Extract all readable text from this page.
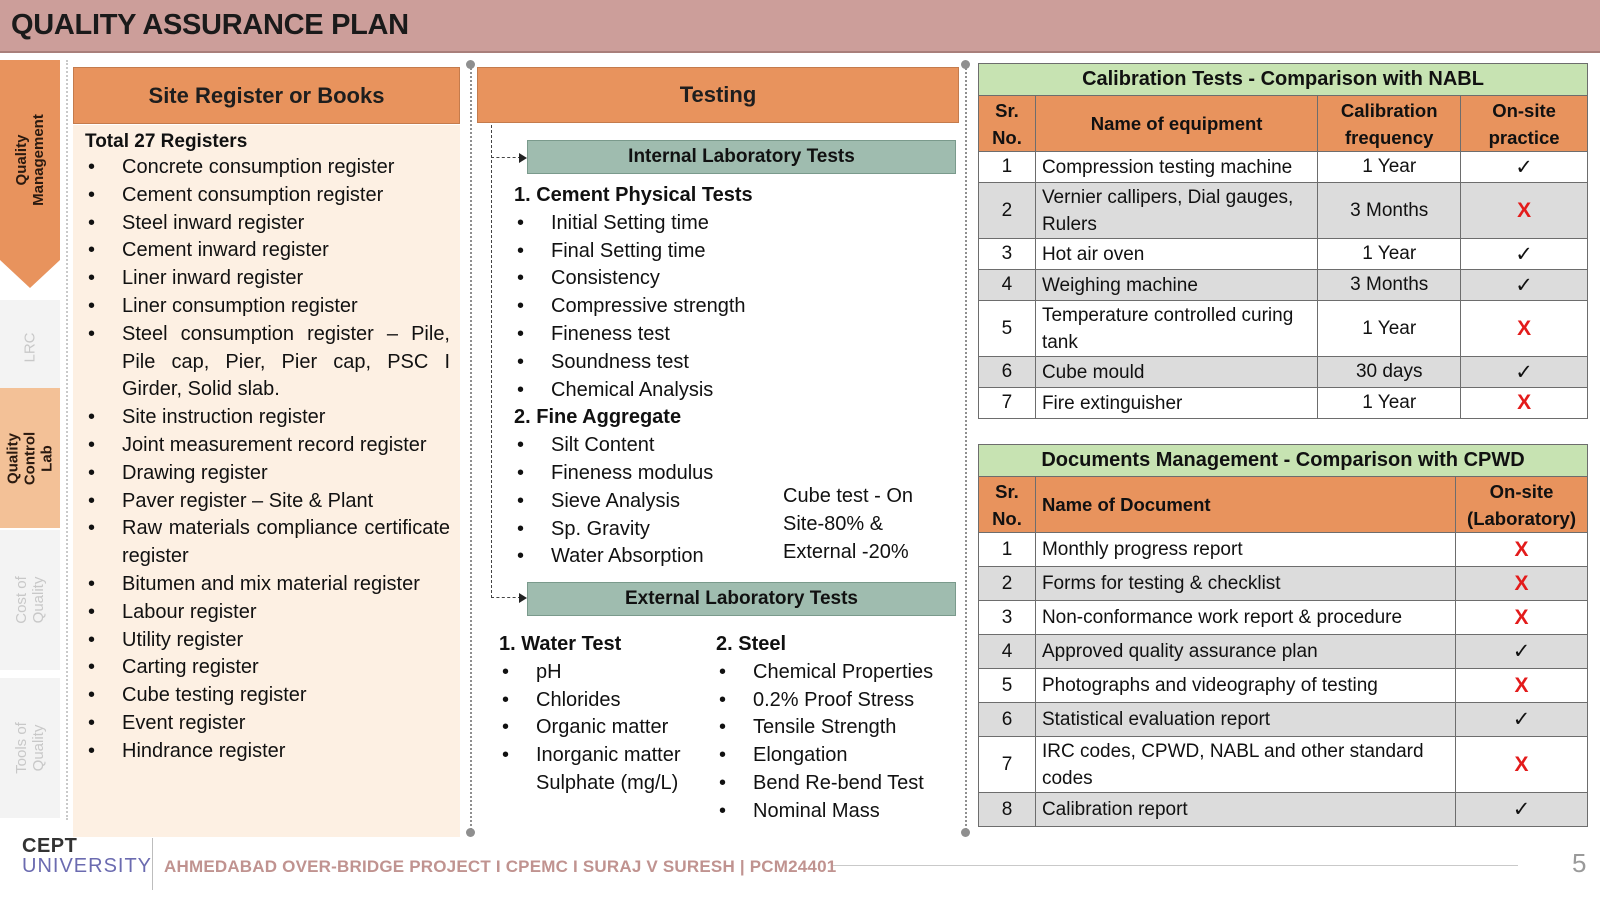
QUALITY ASSURANCE PLAN
Quality Management
LRC
Quality Control Lab
Cost of Quality
Tools of Quality
Site Register or Books
Total 27 Registers
• Concrete consumption register
• Cement consumption register
• Steel inward register
• Cement inward register
• Liner inward register
• Liner consumption register
• Steel consumption register – Pile, Pile cap, Pier, Pier cap, PSC I Girder, Solid slab.
• Site instruction register
• Joint measurement record register
• Drawing register
• Paver register – Site & Plant
• Raw materials compliance certificate register
• Bitumen and mix material register
• Labour register
• Utility register
• Carting register
• Cube testing register
• Event register
• Hindrance register
Testing
Internal Laboratory Tests
1. Cement Physical Tests
• Initial Setting time
• Final Setting time
• Consistency
• Compressive strength
• Fineness test
• Soundness test
• Chemical Analysis
2. Fine Aggregate
• Silt Content
• Fineness modulus
• Sieve Analysis
• Sp. Gravity
• Water Absorption
Cube test - On Site-80% & External -20%
External Laboratory Tests
1. Water Test
• pH
• Chlorides
• Organic matter
• Inorganic matter Sulphate (mg/L)
2. Steel
• Chemical Properties
• 0.2% Proof Stress
• Tensile Strength
• Elongation
• Bend Re-bend Test
• Nominal Mass
Calibration Tests - Comparison with NABL			
Sr. No.	Name of equipment	Calibration frequency	On-site practice
1	Compression testing machine	1 Year	✓
2	Vernier callipers, Dial gauges, Rulers	3 Months	X
3	Hot air oven	1 Year	✓
4	Weighing machine	3 Months	✓
5	Temperature controlled curing tank	1 Year	X
6	Cube mould	30 days	✓
7	Fire extinguisher	1 Year	X
Documents Management - Comparison with CPWD		
Sr. No.	Name of Document	On-site (Laboratory)
1	Monthly progress report	X
2	Forms for testing & checklist	X
3	Non-conformance work report & procedure	X
4	Approved quality assurance plan	✓
5	Photographs and videography of testing	X
6	Statistical evaluation report	✓
7	IRC codes, CPWD, NABL and other standard codes	X
8	Calibration report	✓
CEPT
UNIVERSITY AHMEDABAD OVER-BRIDGE PROJECT I CPEMC I SURAJ V SURESH | PCM24401	5
